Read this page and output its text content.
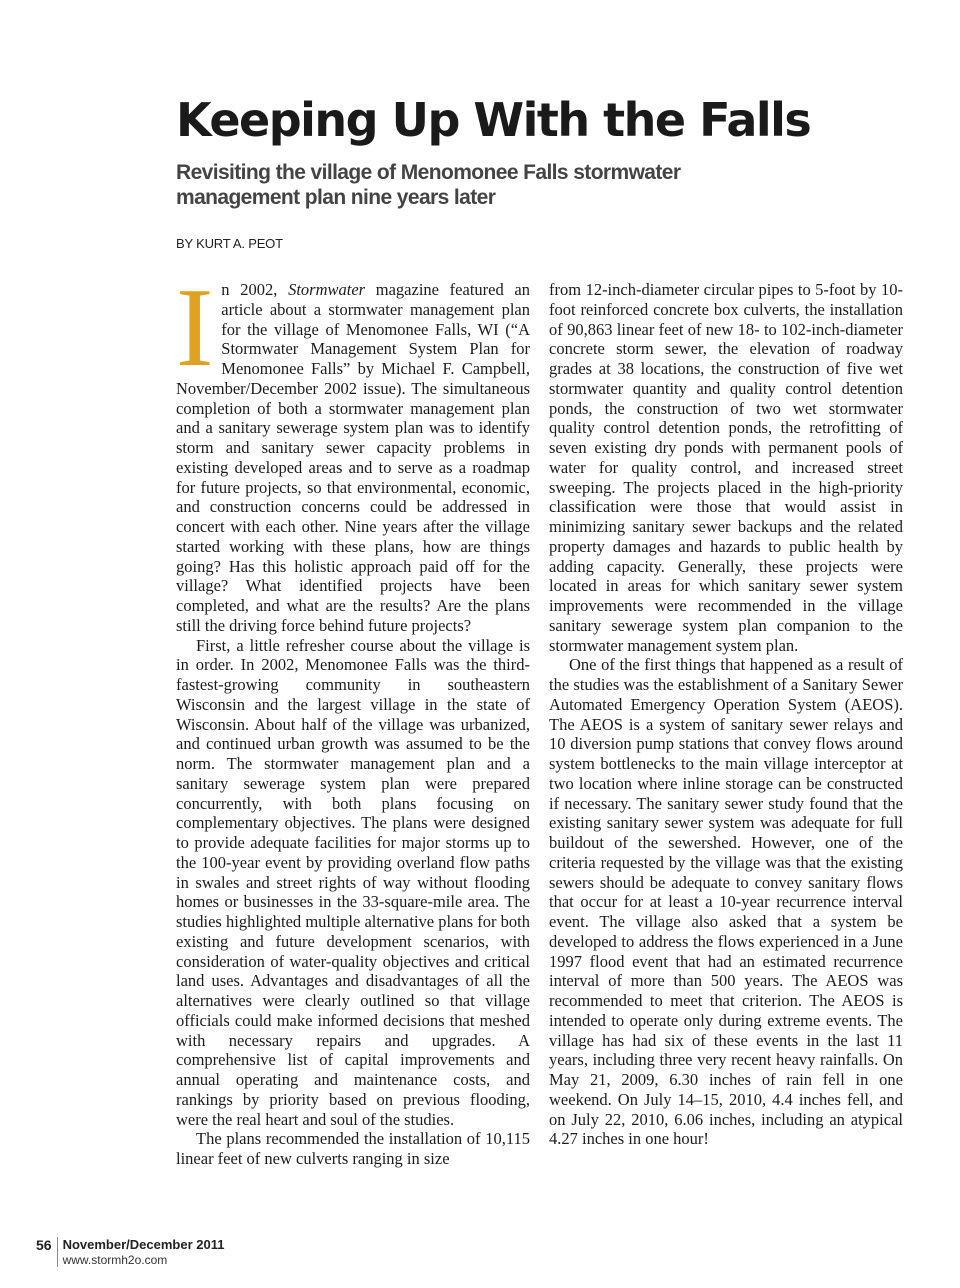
Keeping Up With the Falls
Revisiting the village of Menomonee Falls stormwater management plan nine years later
BY KURT A. PEOT

In 2002, Stormwater magazine featured an article about a stormwater management plan for the village of Menomonee Falls, WI (“A Stormwater Management System Plan for Menomonee Falls” by Michael F. Campbell, November/December 2002 issue). The simultaneous completion of both a stormwater management plan and a sanitary sewerage system plan was to identify storm and sanitary sewer capacity problems in existing developed areas and to serve as a roadmap for future projects, so that environmental, economic, and construction concerns could be addressed in concert with each other. Nine years after the village started working with these plans, how are things going? Has this holistic approach paid off for the village? What identified projects have been completed, and what are the results? Are the plans still the driving force behind future projects?

First, a little refresher course about the village is in order. In 2002, Menomonee Falls was the third-fastest-growing community in southeastern Wisconsin and the largest village in the state of Wisconsin. About half of the village was urbanized, and continued urban growth was assumed to be the norm. The stormwater management plan and a sanitary sewerage system plan were prepared concurrently, with both plans focusing on complementary objectives. The plans were designed to provide adequate facilities for major storms up to the 100-year event by providing overland flow paths in swales and street rights of way without flooding homes or businesses in the 33-square-mile area. The studies highlighted multiple alternative plans for both existing and future development scenarios, with consideration of water-quality objectives and critical land uses. Advantages and disadvantages of all the alternatives were clearly outlined so that village officials could make informed decisions that meshed with necessary repairs and upgrades. A comprehensive list of capital improvements and annual operating and maintenance costs, and rankings by priority based on previous flooding, were the real heart and soul of the studies.

The plans recommended the installation of 10,115 linear feet of new culverts ranging in size

from 12-inch-diameter circular pipes to 5-foot by 10-foot reinforced concrete box culverts, the installation of 90,863 linear feet of new 18- to 102-inch-diameter concrete storm sewer, the elevation of roadway grades at 38 locations, the construction of five wet stormwater quantity and quality control detention ponds, the construction of two wet stormwater quality control detention ponds, the retrofitting of seven existing dry ponds with permanent pools of water for quality control, and increased street sweeping. The projects placed in the high-priority classification were those that would assist in minimizing sanitary sewer backups and the related property damages and hazards to public health by adding capacity. Generally, these projects were located in areas for which sanitary sewer system improvements were recommended in the village sanitary sewerage system plan companion to the stormwater management system plan.

One of the first things that happened as a result of the studies was the establishment of a Sanitary Sewer Automated Emergency Operation System (AEOS). The AEOS is a system of sanitary sewer relays and 10 diversion pump stations that convey flows around system bottlenecks to the main village interceptor at two location where inline storage can be constructed if necessary. The sanitary sewer study found that the existing sanitary sewer system was adequate for full buildout of the sewershed. However, one of the criteria requested by the village was that the existing sewers should be adequate to convey sanitary flows that occur for at least a 10-year recurrence interval event. The village also asked that a system be developed to address the flows experienced in a June 1997 flood event that had an estimated recurrence interval of more than 500 years. The AEOS was recommended to meet that criterion. The AEOS is intended to operate only during extreme events. The village has had six of these events in the last 11 years, including three very recent heavy rainfalls. On May 21, 2009, 6.30 inches of rain fell in one weekend. On July 14–15, 2010, 4.4 inches fell, and on July 22, 2010, 6.06 inches, including an atypical 4.27 inches in one hour!

56 November/December 2011
www.stormh2o.com
